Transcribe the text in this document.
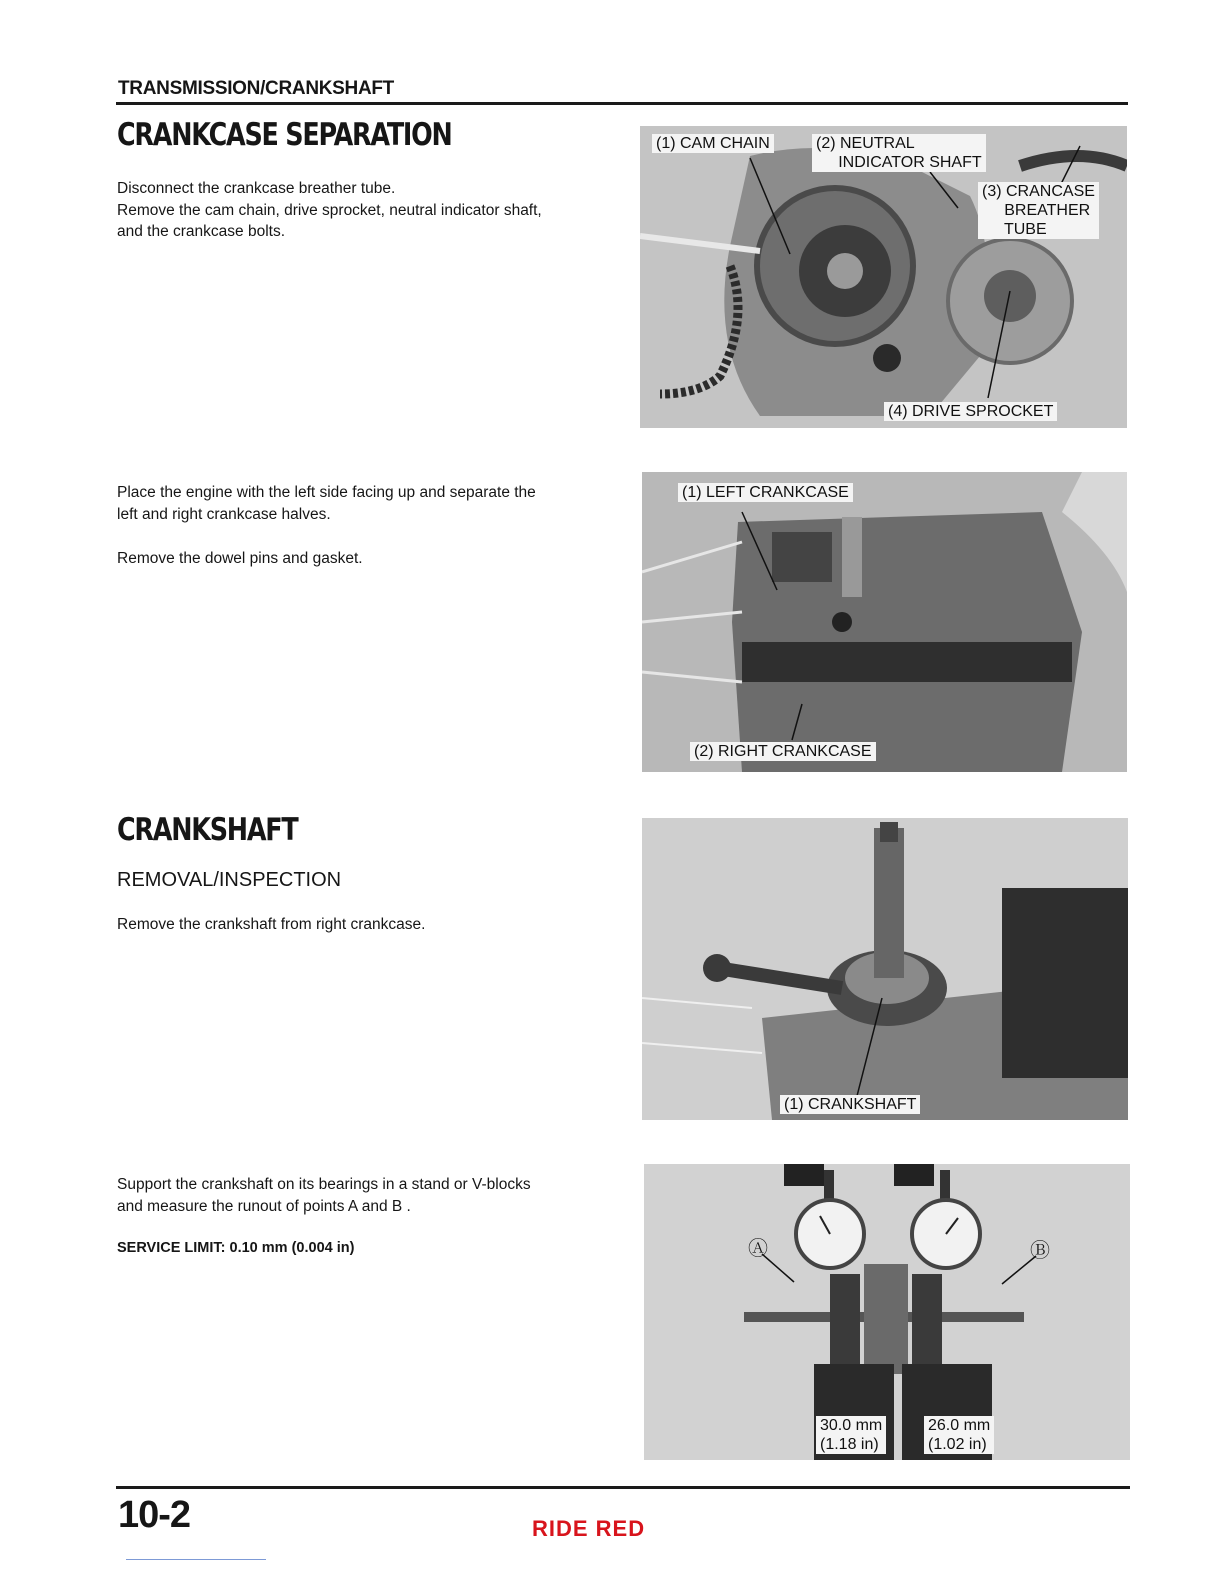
TRANSMISSION/CRANKSHAFT
CRANKCASE SEPARATION
Disconnect the crankcase breather tube.
Remove the cam chain, drive sprocket, neutral indicator shaft,
and the crankcase bolts.
Place the engine with the left side facing up and separate the
left and right crankcase halves.
Remove the dowel pins and gasket.
CRANKSHAFT
REMOVAL/INSPECTION
Remove the crankshaft from right crankcase.
Support the crankshaft on its bearings in a stand or V-blocks
and measure the runout of points A and B .
SERVICE LIMIT: 0.10 mm (0.004 in)
(1) CAM CHAIN	(2) NEUTRAL
INDICATOR SHAFT
(3) CRANCASE
BREATHER
TUBE
(4) DRIVE SPROCKET
(1) LEFT CRANKCASE
(2) RIGHT CRANKCASE
(1) CRANKSHAFT
Ⓐ	Ⓑ
30.0 mm
(1.18 in)
26.0 mm
(1.02 in)
10-2	RIDE RED
